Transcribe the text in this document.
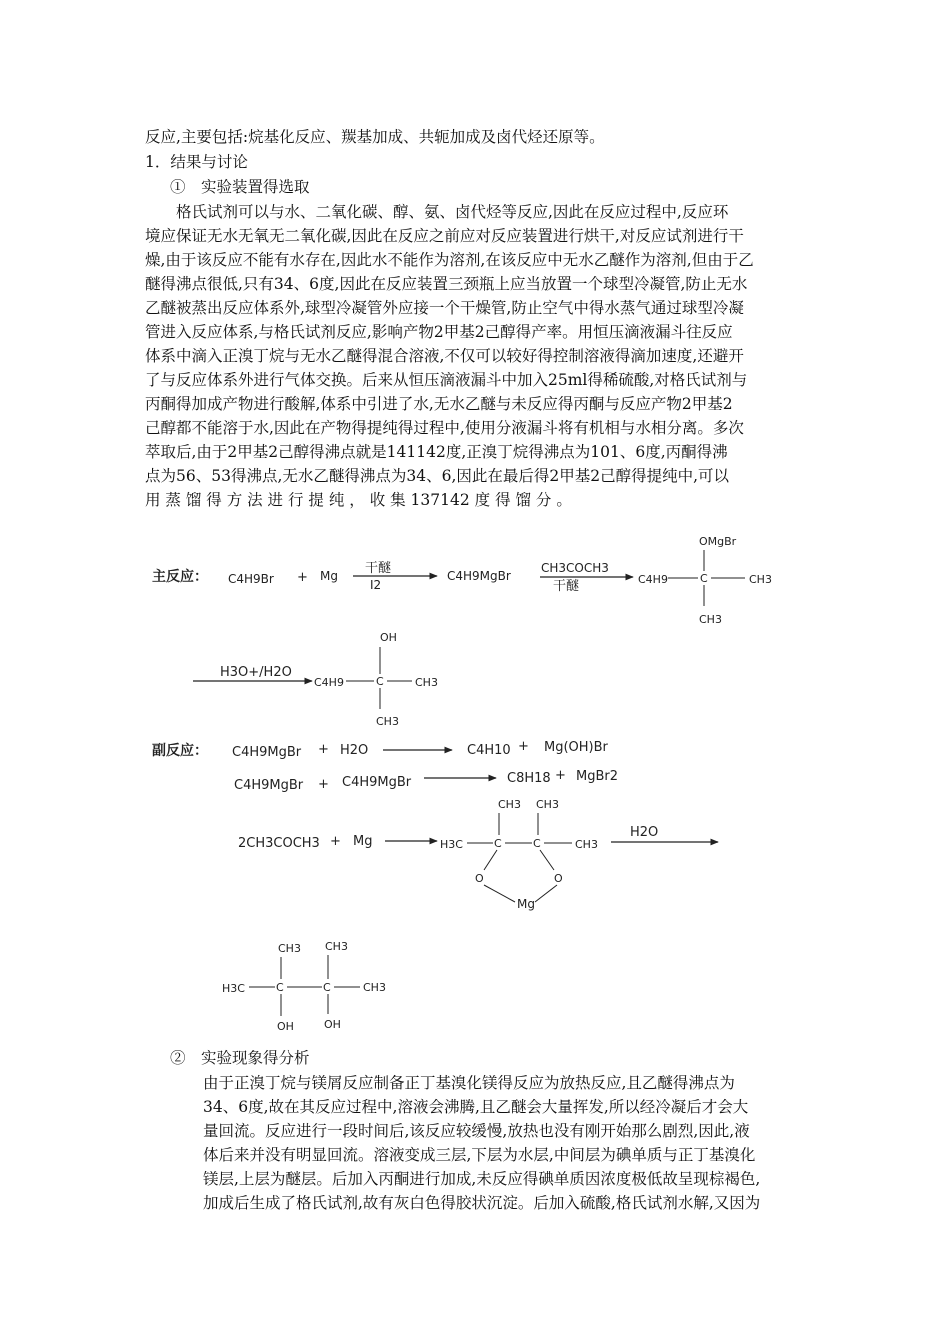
反应,主要包括:烷基化反应、羰基加成、共轭加成及卤代烃还原等。
1．结果与讨论
①　实验装置得选取
　　格氏试剂可以与水、二氧化碳、醇、氨、卤代烃等反应,因此在反应过程中,反应环
境应保证无水无氧无二氧化碳,因此在反应之前应对反应装置进行烘干,对反应试剂进行干
燥,由于该反应不能有水存在,因此水不能作为溶剂,在该反应中无水乙醚作为溶剂,但由于乙
醚得沸点很低,只有34、6度,因此在反应装置三颈瓶上应当放置一个球型冷凝管,防止无水
乙醚被蒸出反应体系外,球型冷凝管外应接一个干燥管,防止空气中得水蒸气通过球型冷凝
管进入反应体系,与格氏试剂反应,影响产物2甲基2己醇得产率。用恒压滴液漏斗往反应
体系中滴入正溴丁烷与无水乙醚得混合溶液,不仅可以较好得控制溶液得滴加速度,还避开
了与反应体系外进行气体交换。后来从恒压滴液漏斗中加入25ml得稀硫酸,对格氏试剂与
丙酮得加成产物进行酸解,体系中引进了水,无水乙醚与未反应得丙酮与反应产物2甲基2
己醇都不能溶于水,因此在产物得提纯得过程中,使用分液漏斗将有机相与水相分离。多次
萃取后,由于2甲基2己醇得沸点就是141142度,正溴丁烷得沸点为101、6度,丙酮得沸
点为56、53得沸点,无水乙醚得沸点为34、6,因此在最后得2甲基2己醇得提纯中,可以
用 蒸 馏 得 方 法 进 行 提 纯 ， 收 集 137142 度 得 馏 分 。
主反应： C4H9Br + Mg 干醚
I2
C4H9MgBr
CH3COCH3
干醚	C4H9	C	CH3
OMgBr
CH3
H3O+/H2O
C4H9	C	CH3
OH
CH3
副反应： C4H9MgBr + H2O	C4H10 + Mg(OH)Br
C4H9MgBr + C4H9MgBr	C8H18 + MgBr2
2CH3COCH3 + Mg	H3C	C	C	CH3
CH3 CH3
O	O
Mg
H2O
H3C	C	C	CH3
CH3 CH3
OH	OH
②　实验现象得分析
由于正溴丁烷与镁屑反应制备正丁基溴化镁得反应为放热反应,且乙醚得沸点为
34、6度,故在其反应过程中,溶液会沸腾,且乙醚会大量挥发,所以经冷凝后才会大
量回流。反应进行一段时间后,该反应较缓慢,放热也没有刚开始那么剧烈,因此,液
体后来并没有明显回流。溶液变成三层,下层为水层,中间层为碘单质与正丁基溴化
镁层,上层为醚层。后加入丙酮进行加成,未反应得碘单质因浓度极低故呈现棕褐色,
加成后生成了格氏试剂,故有灰白色得胶状沉淀。后加入硫酸,格氏试剂水解,又因为
